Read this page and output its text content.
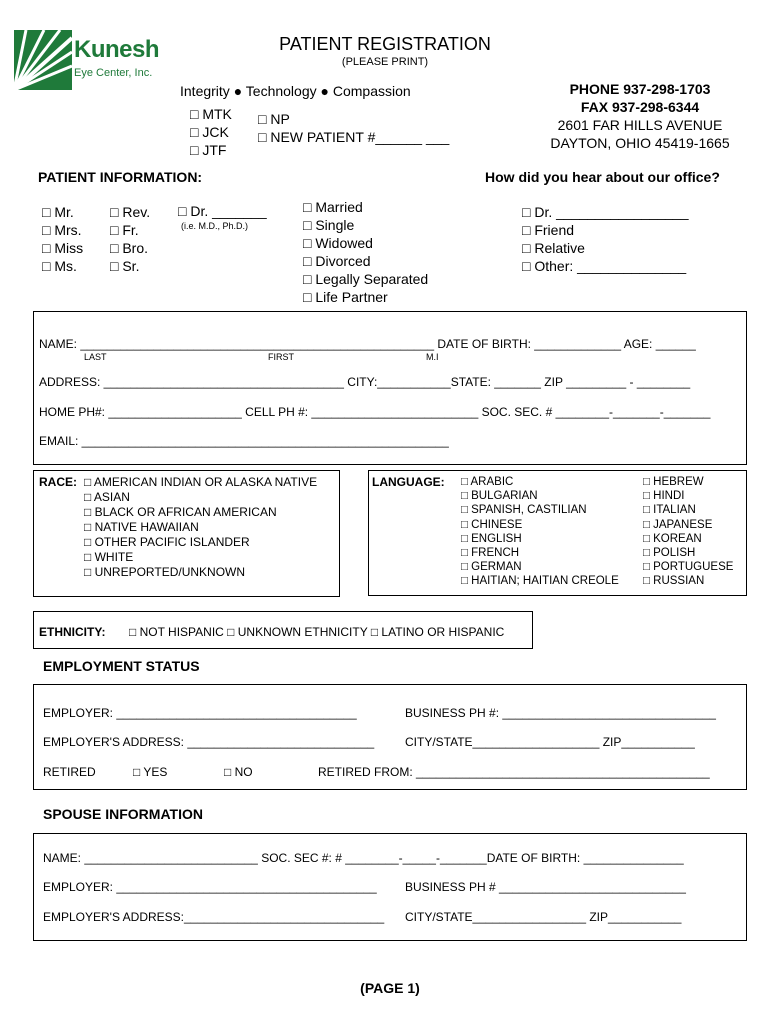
Kunesh
Eye Center, Inc.
PATIENT REGISTRATION
(PLEASE PRINT)
Integrity ● Technology ● Compassion
□ MTK
□ JCK
□ JTF
□ NP
□ NEW PATIENT #______ ___
PHONE 937-298-1703
FAX 937-298-6344
2601 FAR HILLS AVENUE
DAYTON, OHIO 45419-1665
PATIENT INFORMATION:	How did you hear about our office?
□ Mr.
□ Mrs.
□ Miss
□ Ms.
□ Rev.
□ Fr.
□ Bro.
□ Sr.
□ Dr. _______
(i.e. M.D., Ph.D.)
□ Married
□ Single
□ Widowed
□ Divorced
□ Legally Separated
□ Life Partner
□ Dr. _________________
□ Friend
□ Relative
□ Other: ______________
NAME: _____________________________________________________ DATE OF BIRTH: _____________ AGE: ______
LAST	FIRST	M.I
ADDRESS: ____________________________________ CITY:___________STATE: _______ ZIP _________ - ________
HOME PH#: ____________________ CELL PH #: _________________________ SOC. SEC. # ________-_______-_______
EMAIL: _______________________________________________________
RACE: □ AMERICAN INDIAN OR ALASKA NATIVE
□ ASIAN
□ BLACK OR AFRICAN AMERICAN
□ NATIVE HAWAIIAN
□ OTHER PACIFIC ISLANDER
□ WHITE
□ UNREPORTED/UNKNOWN
LANGUAGE: □ ARABIC
□ BULGARIAN
□ SPANISH, CASTILIAN
□ CHINESE
□ ENGLISH
□ FRENCH
□ GERMAN
□ HAITIAN; HAITIAN CREOLE
□ HEBREW
□ HINDI
□ ITALIAN
□ JAPANESE
□ KOREAN
□ POLISH
□ PORTUGUESE
□ RUSSIAN
ETHNICITY: □ NOT HISPANIC □ UNKNOWN ETHNICITY □ LATINO OR HISPANIC
EMPLOYMENT STATUS
EMPLOYER: ____________________________________	BUSINESS PH #: ________________________________
EMPLOYER'S ADDRESS: ____________________________	CITY/STATE___________________ ZIP___________
RETIRED	□ YES	□ NO	RETIRED FROM: ____________________________________________
SPOUSE INFORMATION
NAME: __________________________ SOC. SEC #: # ________-_____-_______DATE OF BIRTH: _______________
EMPLOYER: _______________________________________ BUSINESS PH # ____________________________
EMPLOYER'S ADDRESS:______________________________ CITY/STATE_________________ ZIP___________
(PAGE 1)
